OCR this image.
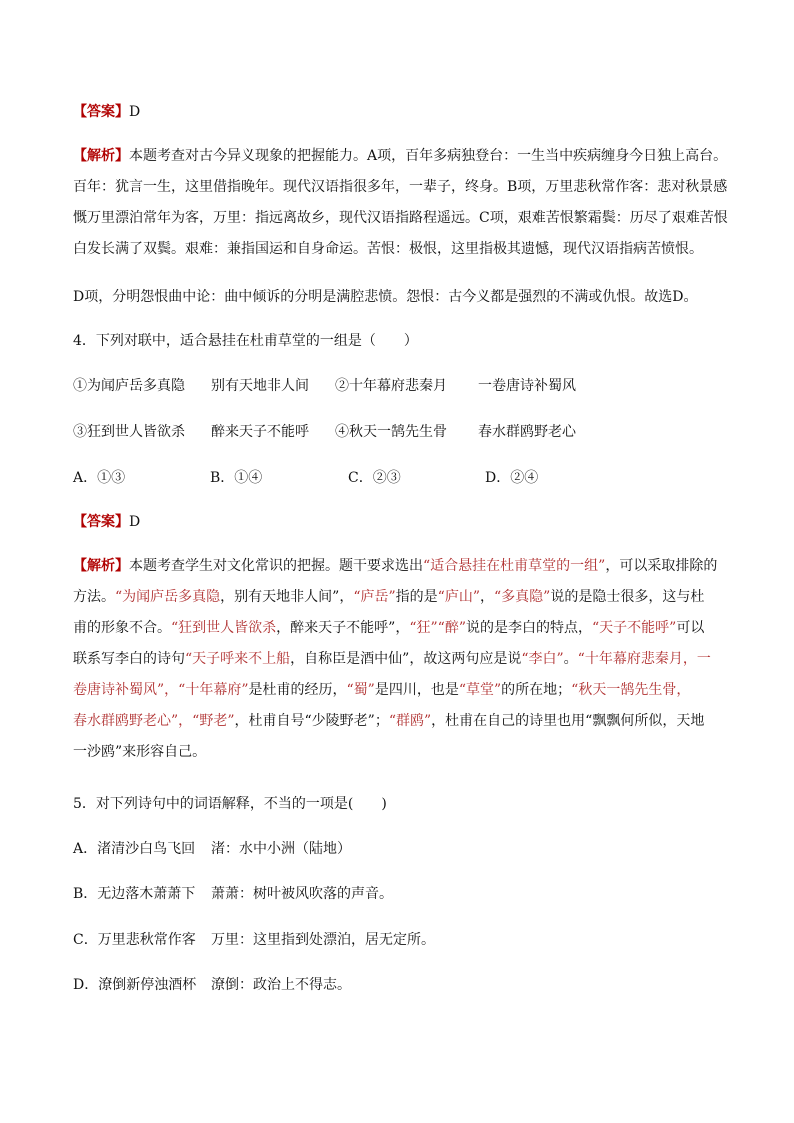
【答案】D
【解析】本题考查对古今异义现象的把握能力。A项，百年多病独登台：一生当中疾病缠身今日独上高台。
百年：犹言一生，这里借指晚年。现代汉语指很多年，一辈子，终身。B项，万里悲秋常作客：悲对秋景感
慨万里漂泊常年为客，万里：指远离故乡，现代汉语指路程遥远。C项，艰难苦恨繁霜鬓：历尽了艰难苦恨
白发长满了双鬓。艰难：兼指国运和自身命运。苦恨：极恨，这里指极其遗憾，现代汉语指病苦愤恨。
D项，分明怨恨曲中论：曲中倾诉的分明是满腔悲愤。怨恨：古今义都是强烈的不满或仇恨。故选D。
4．下列对联中，适合悬挂在杜甫草堂的一组是（　　）
①为闻庐岳多真隐 别有天地非人间 ②十年幕府悲秦月 一卷唐诗补蜀风
③狂到世人皆欲杀 醉来天子不能呼 ④秋天一鹄先生骨 春水群鸥野老心
A．①③	B．①④	C．②③	D．②④
【答案】D
【解析】本题考查学生对文化常识的把握。题干要求选出“适合悬挂在杜甫草堂的一组”，可以采取排除的
方法。“为闻庐岳多真隐，别有天地非人间”，“庐岳”指的是“庐山”，“多真隐”说的是隐士很多，这与杜
甫的形象不合。“狂到世人皆欲杀，醉来天子不能呼”，“狂”“醉”说的是李白的特点，“天子不能呼”可以
联系写李白的诗句“天子呼来不上船，自称臣是酒中仙”，故这两句应是说“李白”。“十年幕府悲秦月，一
卷唐诗补蜀风”，“十年幕府”是杜甫的经历，“蜀”是四川，也是“草堂”的所在地；“秋天一鹄先生骨，
春水群鸥野老心”，“野老”，杜甫自号“少陵野老”；“群鸥”，杜甫在自己的诗里也用“飘飘何所似，天地
一沙鸥”来形容自己。
5．对下列诗句中的词语解释，不当的一项是(　　)
A．渚清沙白鸟飞回 渚：水中小洲（陆地）
B．无边落木萧萧下 萧萧：树叶被风吹落的声音。
C．万里悲秋常作客 万里：这里指到处漂泊，居无定所。
D．潦倒新停浊酒杯 潦倒：政治上不得志。
